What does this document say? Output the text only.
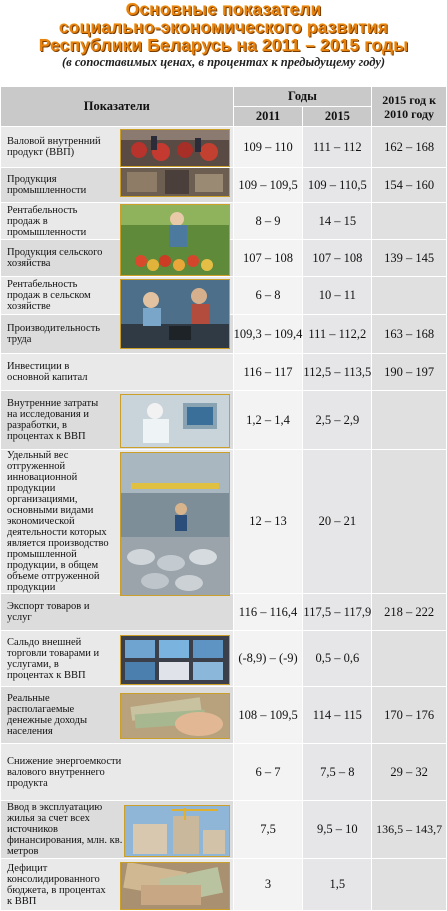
Основные показатели
социально-экономического развития
Республики Беларусь на 2011 – 2015 годы
(в сопоставимых ценах, в процентах к предыдущему году)
Показатели	Годы		2015 год к 2010 году
	2011	2015	

Валовой внутренний продукт (ВВП)	109 – 110	111 – 112	162 – 168

Продукция промышленности	109 – 109,5	109 – 110,5	154 – 160

Рентабельность продаж в промышленности	8 – 9	14 – 15	

Продукция сельского хозяйства	107 – 108	107 – 108	139 – 145

Рентабельность продаж в сельском хозяйстве	6 – 8	10 – 11	

Производительность труда	109,3 – 109,4	111 – 112,2	163 – 168

Инвестиции в основной капитал	116 – 117	112,5 – 113,5	190 – 197

Внутренние затраты на исследования и разработки, в процентах к ВВП	1,2 – 1,4	2,5 – 2,9	

Удельный вес отгруженной инновационной продукции организациями, основными видами экономической деятельности которых является производство промышленной продукции, в общем объеме отгруженной продукции	12 – 13	20 – 21	

Экспорт товаров и услуг	116 – 116,4	117,5 – 117,9	218 – 222

Сальдо внешней торговли товарами и услугами, в процентах к ВВП	(-8,9) – (-9)	0,5 – 0,6	

Реальные располагаемые денежные доходы населения	108 – 109,5	114 – 115	170 – 176

Снижение энергоемкости валового внутреннего продукта	6 – 7	7,5 – 8	29 – 32

Ввод в эксплуатацию жилья за счет всех источников финансирования, млн. кв. метров	7,5	9,5 – 10	136,5 – 143,7

Дефицит консолидированного бюджета, в процентах к ВВП	3	1,5	
